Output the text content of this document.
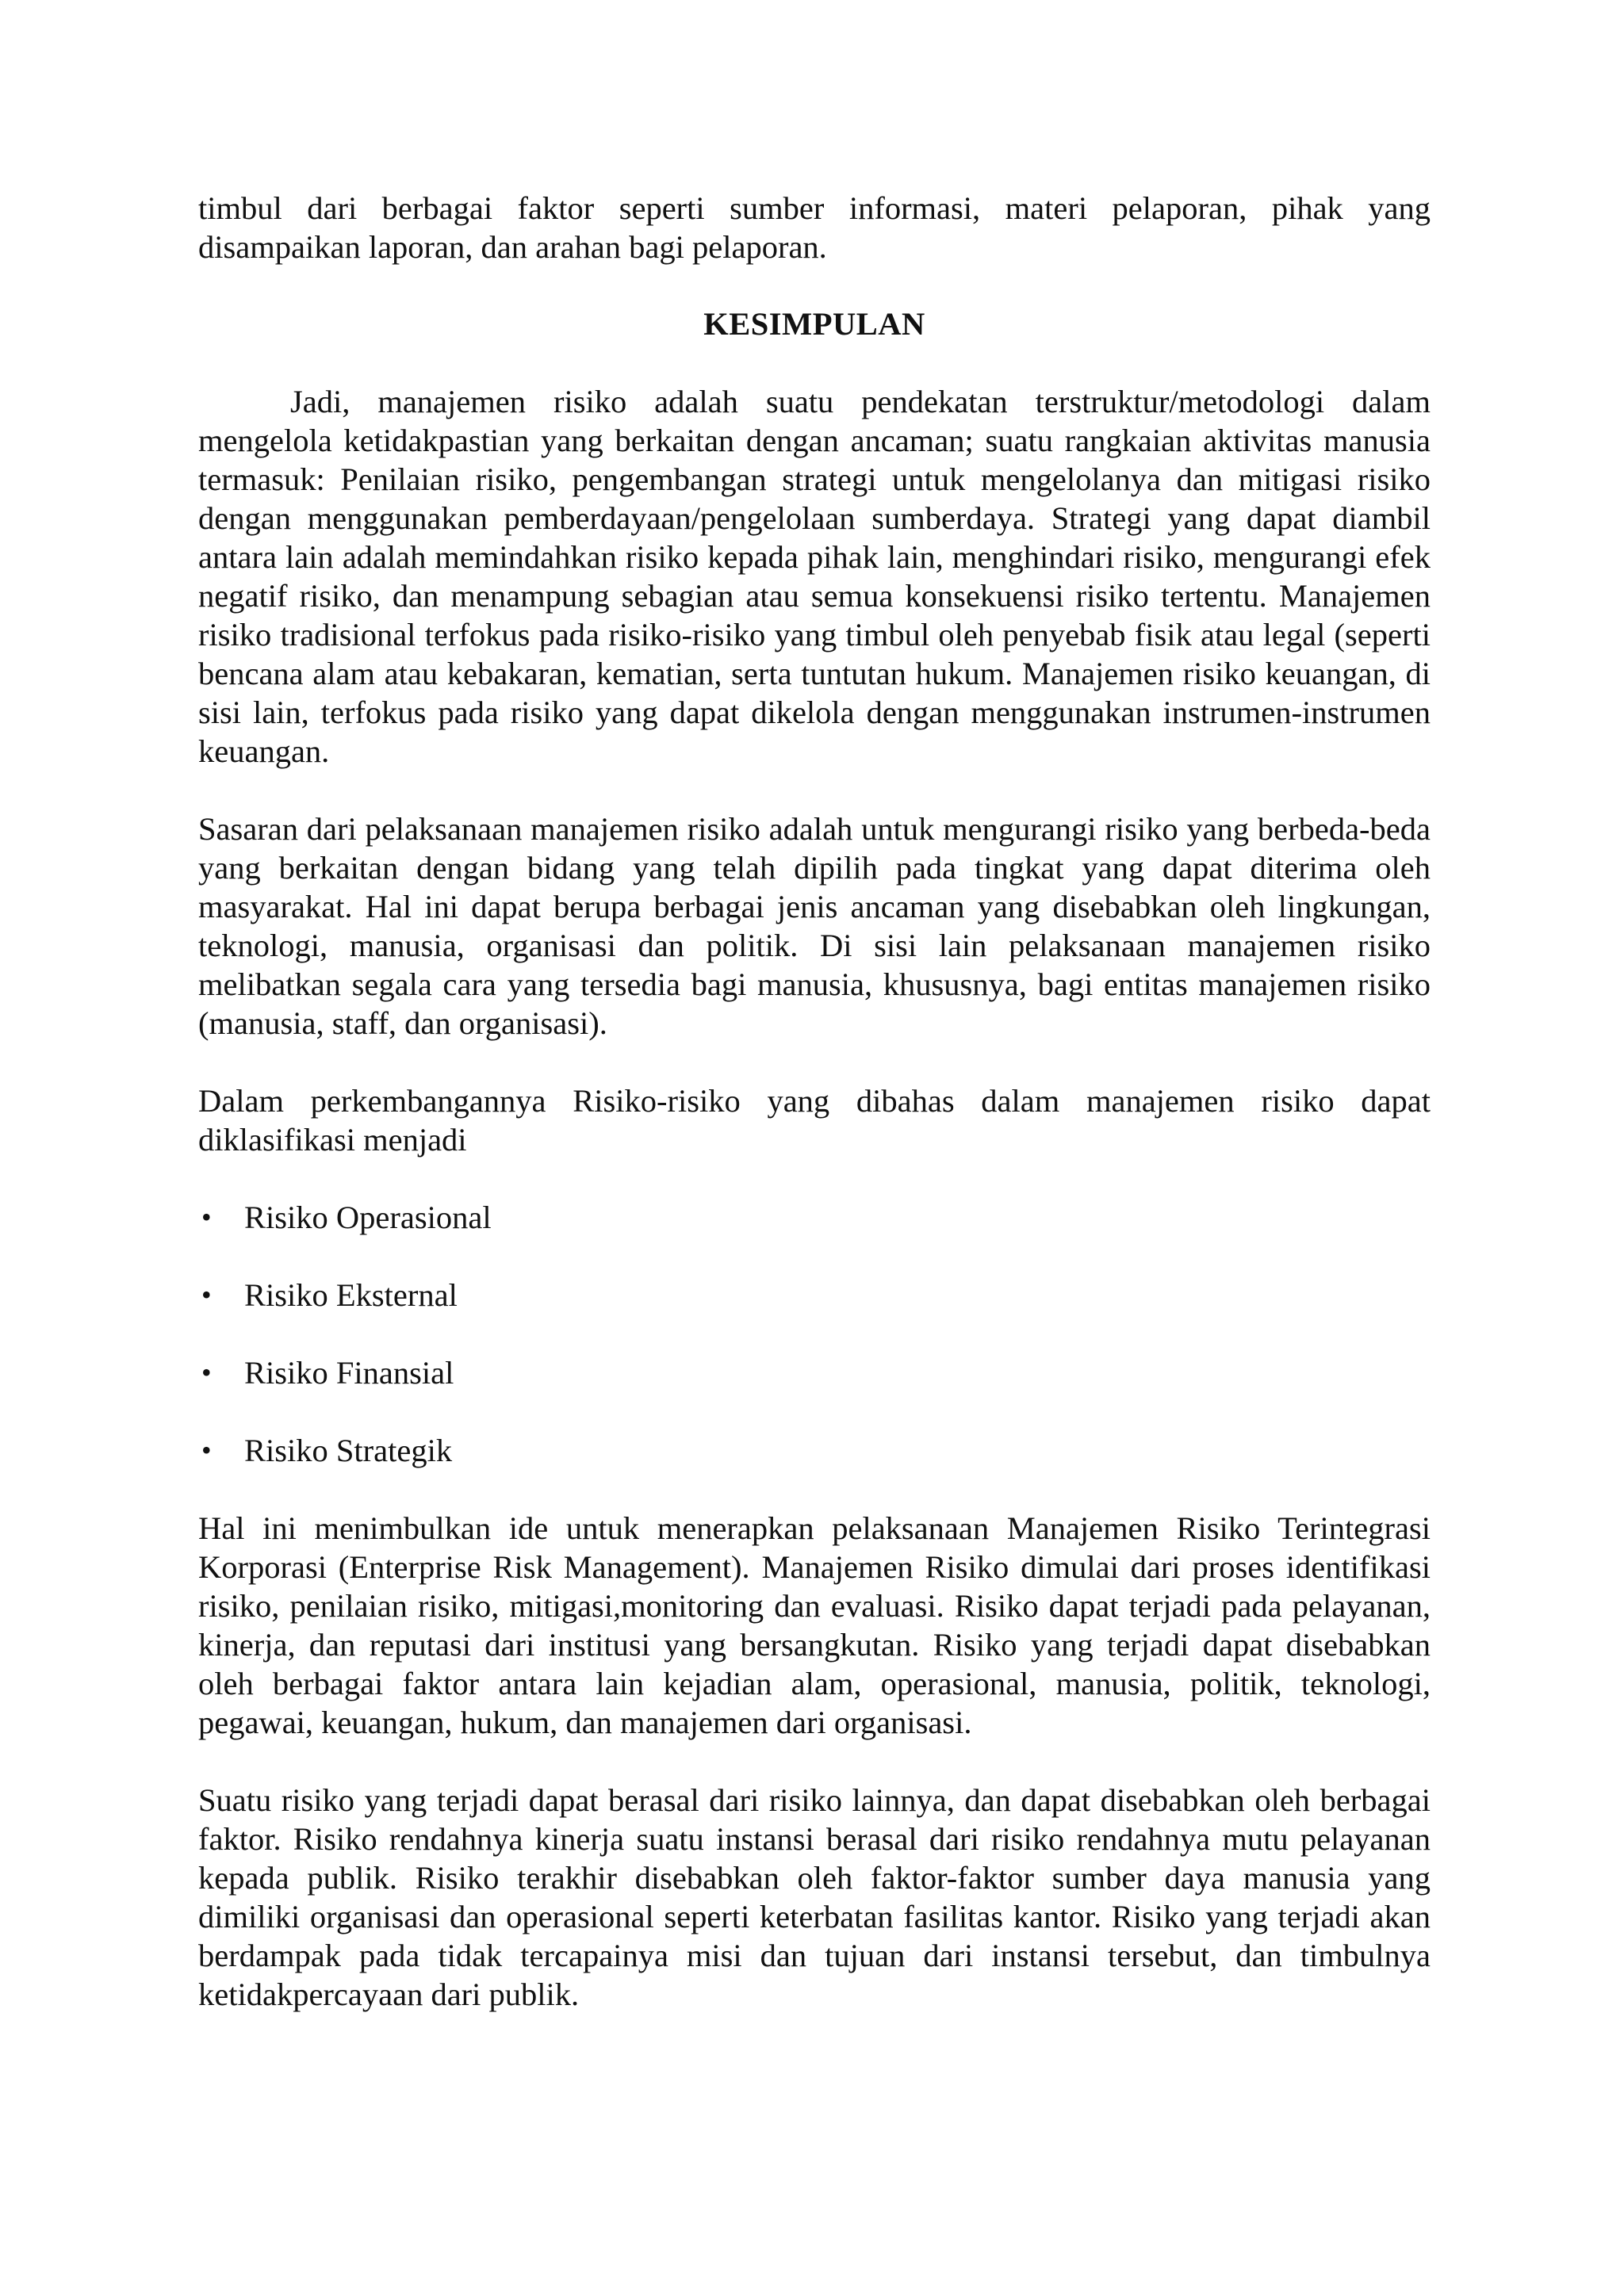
timbul dari berbagai faktor seperti sumber informasi, materi pelaporan, pihak yang disampaikan laporan, dan arahan bagi pelaporan.

KESIMPULAN

Jadi, manajemen risiko adalah suatu pendekatan terstruktur/metodologi dalam mengelola ketidakpastian yang berkaitan dengan ancaman; suatu rangkaian aktivitas manusia termasuk: Penilaian risiko, pengembangan strategi untuk mengelolanya dan mitigasi risiko dengan menggunakan pemberdayaan/pengelolaan sumberdaya. Strategi yang dapat diambil antara lain adalah memindahkan risiko kepada pihak lain, menghindari risiko, mengurangi efek negatif risiko, dan menampung sebagian atau semua konsekuensi risiko tertentu. Manajemen risiko tradisional terfokus pada risiko-risiko yang timbul oleh penyebab fisik atau legal (seperti bencana alam atau kebakaran, kematian, serta tuntutan hukum. Manajemen risiko keuangan, di sisi lain, terfokus pada risiko yang dapat dikelola dengan menggunakan instrumen-instrumen keuangan.

Sasaran dari pelaksanaan manajemen risiko adalah untuk mengurangi risiko yang berbeda-beda yang berkaitan dengan bidang yang telah dipilih pada tingkat yang dapat diterima oleh masyarakat. Hal ini dapat berupa berbagai jenis ancaman yang disebabkan oleh lingkungan, teknologi, manusia, organisasi dan politik. Di sisi lain pelaksanaan manajemen risiko melibatkan segala cara yang tersedia bagi manusia, khususnya, bagi entitas manajemen risiko (manusia, staff, dan organisasi).

Dalam perkembangannya Risiko-risiko yang dibahas dalam manajemen risiko dapat diklasifikasi menjadi

• Risiko Operasional
• Risiko Eksternal
• Risiko Finansial
• Risiko Strategik

Hal ini menimbulkan ide untuk menerapkan pelaksanaan Manajemen Risiko Terintegrasi Korporasi (Enterprise Risk Management). Manajemen Risiko dimulai dari proses identifikasi risiko, penilaian risiko, mitigasi,monitoring dan evaluasi. Risiko dapat terjadi pada pelayanan, kinerja, dan reputasi dari institusi yang bersangkutan. Risiko yang terjadi dapat disebabkan oleh berbagai faktor antara lain kejadian alam, operasional, manusia, politik, teknologi, pegawai, keuangan, hukum, dan manajemen dari organisasi.

Suatu risiko yang terjadi dapat berasal dari risiko lainnya, dan dapat disebabkan oleh berbagai faktor. Risiko rendahnya kinerja suatu instansi berasal dari risiko rendahnya mutu pelayanan kepada publik. Risiko terakhir disebabkan oleh faktor-faktor sumber daya manusia yang dimiliki organisasi dan operasional seperti keterbatan fasilitas kantor. Risiko yang terjadi akan berdampak pada tidak tercapainya misi dan tujuan dari instansi tersebut, dan timbulnya ketidakpercayaan dari publik.
